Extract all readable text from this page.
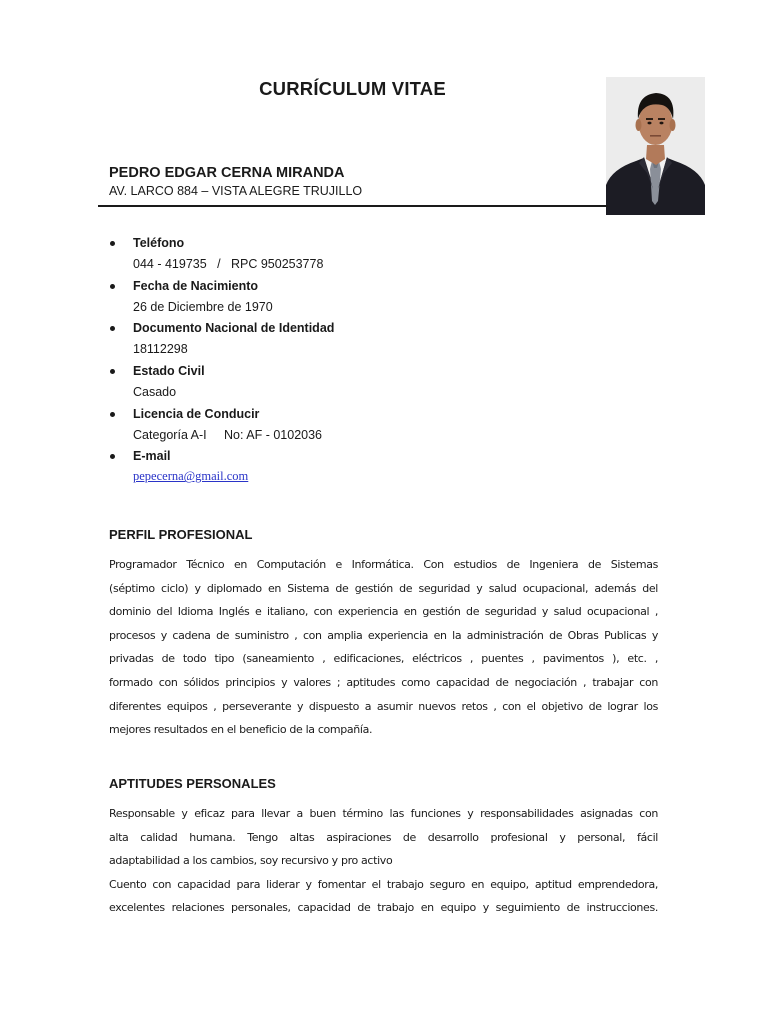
CURRÍCULUM VITAE
PEDRO EDGAR CERNA MIRANDA
AV. LARCO 884 – VISTA ALEGRE TRUJILLO
Teléfono
044 - 419735   /   RPC 950253778
Fecha de Nacimiento
26 de Diciembre de 1970
Documento Nacional de Identidad
18112298
Estado Civil
Casado
Licencia de Conducir
Categoría A-I     No: AF - 0102036
E-mail
pepecerna@gmail.com
PERFIL PROFESIONAL
Programador Técnico en Computación e Informática. Con estudios de Ingeniera de Sistemas
(séptimo ciclo) y diplomado en Sistema de gestión de seguridad y salud ocupacional, además del
dominio del Idioma Inglés e italiano, con experiencia en gestión de seguridad y salud ocupacional ,
procesos y cadena de suministro , con amplia experiencia en la administración de Obras Publicas y
privadas de todo tipo (saneamiento , edificaciones, eléctricos , puentes , pavimentos ), etc. ,
formado con sólidos principios y valores ; aptitudes como capacidad de negociación , trabajar con
diferentes equipos , perseverante y dispuesto a asumir nuevos retos , con el objetivo de lograr los
mejores resultados en el beneficio de la compañía.
APTITUDES PERSONALES
Responsable y eficaz para llevar a buen término las funciones y responsabilidades asignadas con
alta calidad humana. Tengo altas aspiraciones de desarrollo profesional y personal, fácil
adaptabilidad a los cambios, soy recursivo y pro activo
Cuento con capacidad para liderar y fomentar el trabajo seguro en equipo, aptitud emprendedora,
excelentes relaciones personales, capacidad de trabajo en equipo y seguimiento de instrucciones.
